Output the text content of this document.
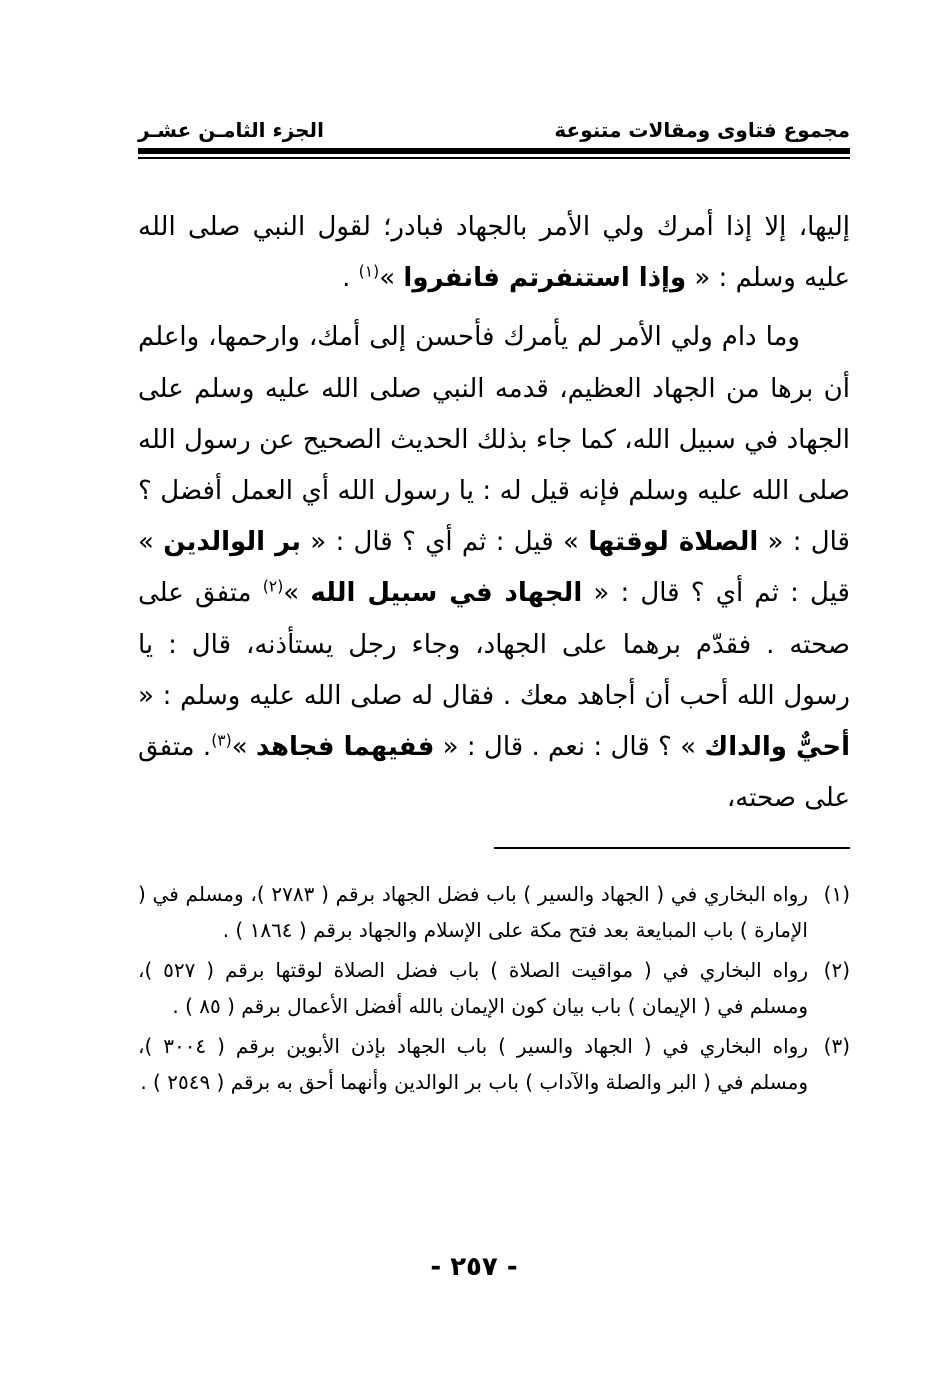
مجموع فتاوى ومقالات متنوعة
الجزء الثامـن عشـر

إليها، إلا إذا أمرك ولي الأمر بالجهاد فبادر؛ لقول النبي صلى الله عليه وسلم : « وإذا استنفرتم فانفروا »$^{(١)}$ .

وما دام ولي الأمر لم يأمرك فأحسن إلى أمك، وارحمها، واعلم أن برها من الجهاد العظيم، قدمه النبي صلى الله عليه وسلم على الجهاد في سبيل الله، كما جاء بذلك الحديث الصحيح عن رسول الله صلى الله عليه وسلم فإنه قيل له : يا رسول الله أي العمل أفضل ؟ قال : « الصلاة لوقتها » قيل : ثم أي ؟ قال : « بر الوالدين » قيل : ثم أي ؟ قال : « الجهاد في سبيل الله »$^{(٢)}$ متفق على صحته . فقدّم برهما على الجهاد، وجاء رجل يستأذنه، قال : يا رسول الله أحب أن أجاهد معك . فقال له صلى الله عليه وسلم : « أحيٌّ والداك » ؟ قال : نعم . قال : « ففيهما فجاهد »$^{(٣)}$. متفق على صحته،

(١)
رواه البخاري في ( الجهاد والسير ) باب فضل الجهاد برقم ( ٢٧٨٣ )، ومسلم في ( الإمارة ) باب المبايعة بعد فتح مكة على الإسلام والجهاد برقم ( ١٨٦٤ ) .
(٢)
رواه البخاري في ( مواقيت الصلاة ) باب فضل الصلاة لوقتها برقم ( ٥٢٧ )، ومسلم في ( الإيمان ) باب بيان كون الإيمان بالله أفضل الأعمال برقم ( ٨٥ ) .
(٣)
رواه البخاري في ( الجهاد والسير ) باب الجهاد بإذن الأبوين برقم ( ٣٠٠٤ )، ومسلم في ( البر والصلة والآداب ) باب بر الوالدين وأنهما أحق به برقم ( ٢٥٤٩ ) .
- ٢٥٧ -
